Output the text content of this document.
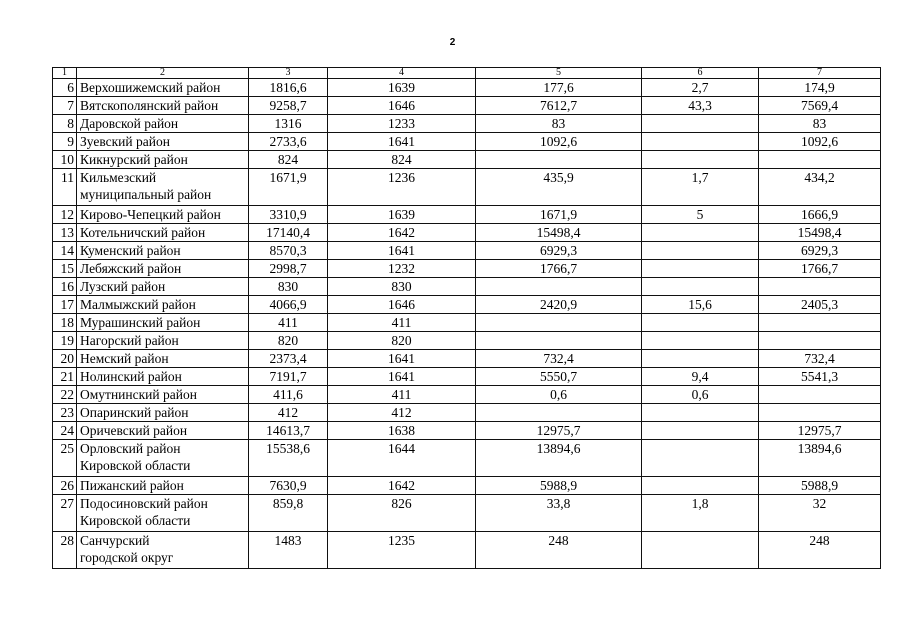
2
1	2	3	4	5	6	7
6	Верхошижемский район	1816,6	1639	177,6	2,7	174,9
7	Вятскополянский район	9258,7	1646	7612,7	43,3	7569,4
8	Даровской район	1316	1233	83		83
9	Зуевский район	2733,6	1641	1092,6		1092,6
10	Кикнурский район	824	824			
11	Кильмезский
муниципальный район	1671,9	1236	435,9	1,7	434,2
12	Кирово-Чепецкий район	3310,9	1639	1671,9	5	1666,9
13	Котельничский район	17140,4	1642	15498,4		15498,4
14	Куменский район	8570,3	1641	6929,3		6929,3
15	Лебяжский район	2998,7	1232	1766,7		1766,7
16	Лузский район	830	830			
17	Малмыжский район	4066,9	1646	2420,9	15,6	2405,3
18	Мурашинский район	411	411			
19	Нагорский район	820	820			
20	Немский район	2373,4	1641	732,4		732,4
21	Нолинский район	7191,7	1641	5550,7	9,4	5541,3
22	Омутнинский район	411,6	411	0,6	0,6	
23	Опаринский район	412	412			
24	Оричевский район	14613,7	1638	12975,7		12975,7
25	Орловский район
Кировской области	15538,6	1644	13894,6		13894,6
26	Пижанский район	7630,9	1642	5988,9		5988,9
27	Подосиновский район
Кировской области	859,8	826	33,8	1,8	32
28	Санчурский
городской округ	1483	1235	248		248
